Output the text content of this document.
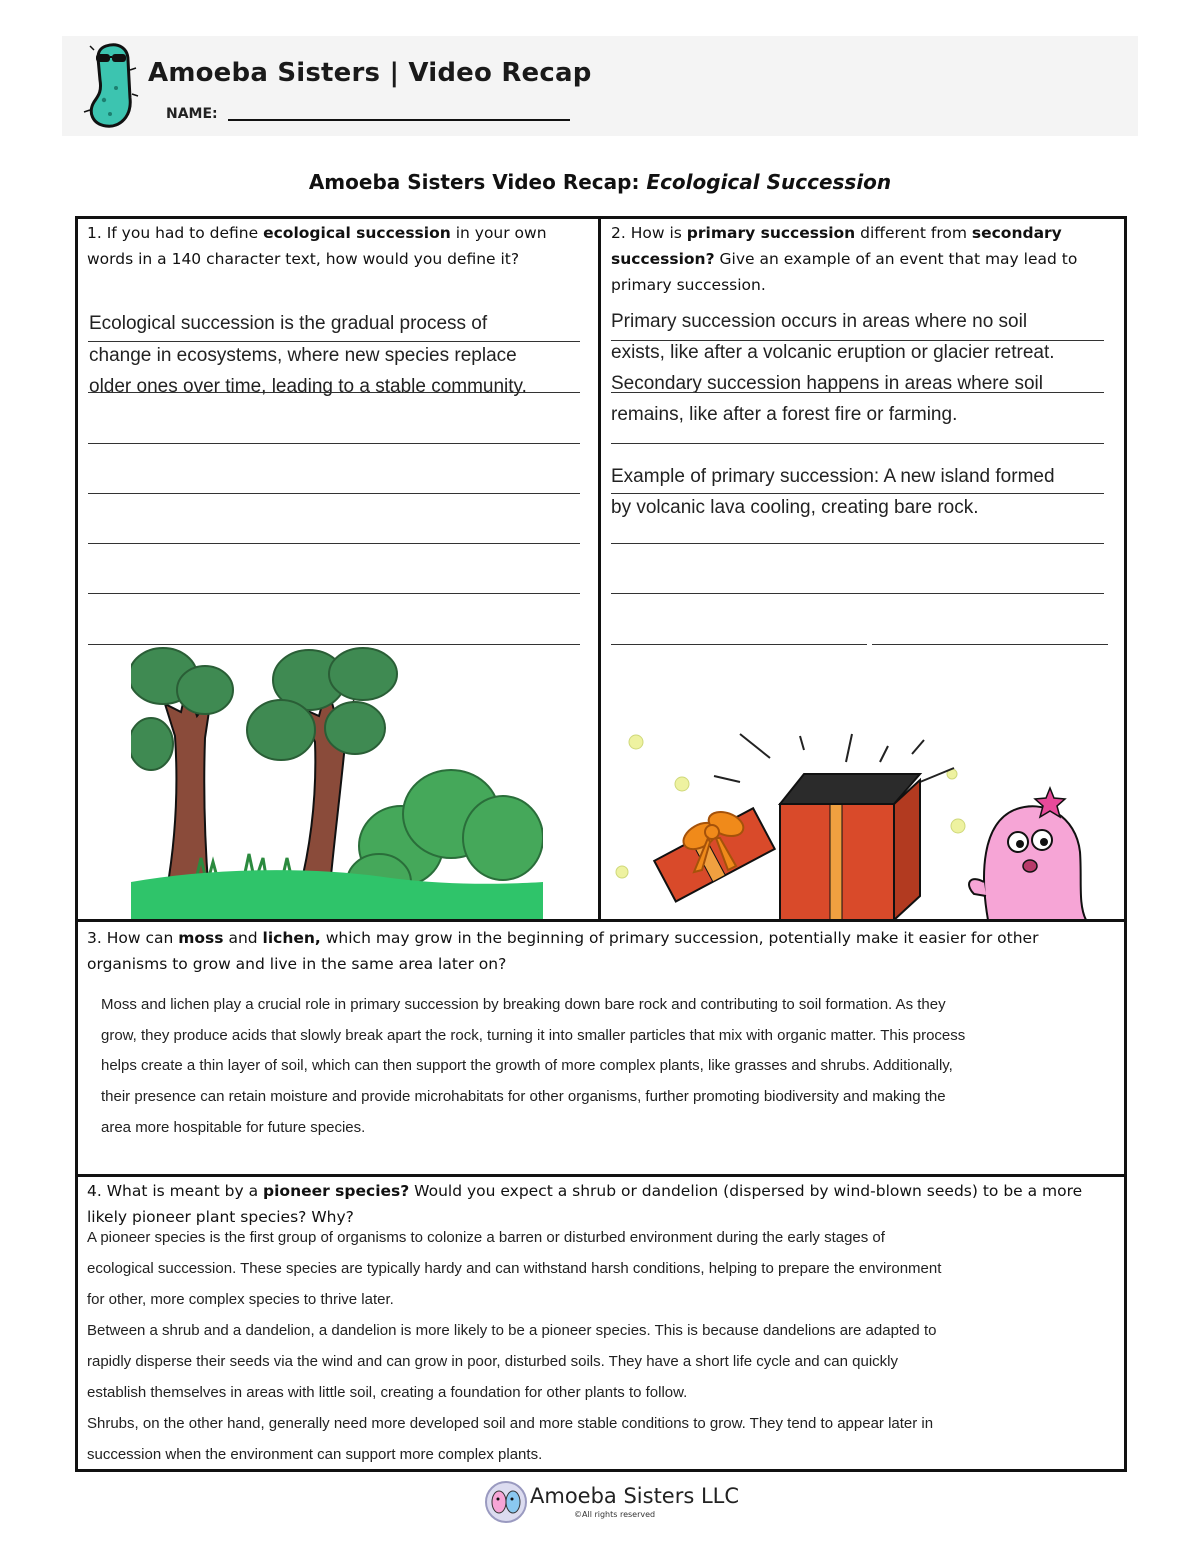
Amoeba Sisters | Video Recap
NAME:
Amoeba Sisters Video Recap: Ecological Succession
1. If you had to define ecological succession in your own words in a 140 character text, how would you define it?
Ecological succession is the gradual process of
change in ecosystems, where new species replace
older ones over time, leading to a stable community.
2. How is primary succession different from secondary succession? Give an example of an event that may lead to primary succession.
Primary succession occurs in areas where no soil
exists, like after a volcanic eruption or glacier retreat.
Secondary succession happens in areas where soil
remains, like after a forest fire or farming.
Example of primary succession: A new island formed
by volcanic lava cooling, creating bare rock.
3. How can moss and lichen, which may grow in the beginning of primary succession, potentially make it easier for other organisms to grow and live in the same area later on?
Moss and lichen play a crucial role in primary succession by breaking down bare rock and contributing to soil formation. As they
grow, they produce acids that slowly break apart the rock, turning it into smaller particles that mix with organic matter. This process
helps create a thin layer of soil, which can then support the growth of more complex plants, like grasses and shrubs. Additionally,
their presence can retain moisture and provide microhabitats for other organisms, further promoting biodiversity and making the
area more hospitable for future species.
4. What is meant by a pioneer species? Would you expect a shrub or dandelion (dispersed by wind-blown seeds) to be a more likely pioneer plant species? Why?
A pioneer species is the first group of organisms to colonize a barren or disturbed environment during the early stages of
ecological succession. These species are typically hardy and can withstand harsh conditions, helping to prepare the environment
for other, more complex species to thrive later.
Between a shrub and a dandelion, a dandelion is more likely to be a pioneer species. This is because dandelions are adapted to
rapidly disperse their seeds via the wind and can grow in poor, disturbed soils. They have a short life cycle and can quickly
establish themselves in areas with little soil, creating a foundation for other plants to follow.
Shrubs, on the other hand, generally need more developed soil and more stable conditions to grow. They tend to appear later in
succession when the environment can support more complex plants.
Amoeba Sisters LLC
©All rights reserved
